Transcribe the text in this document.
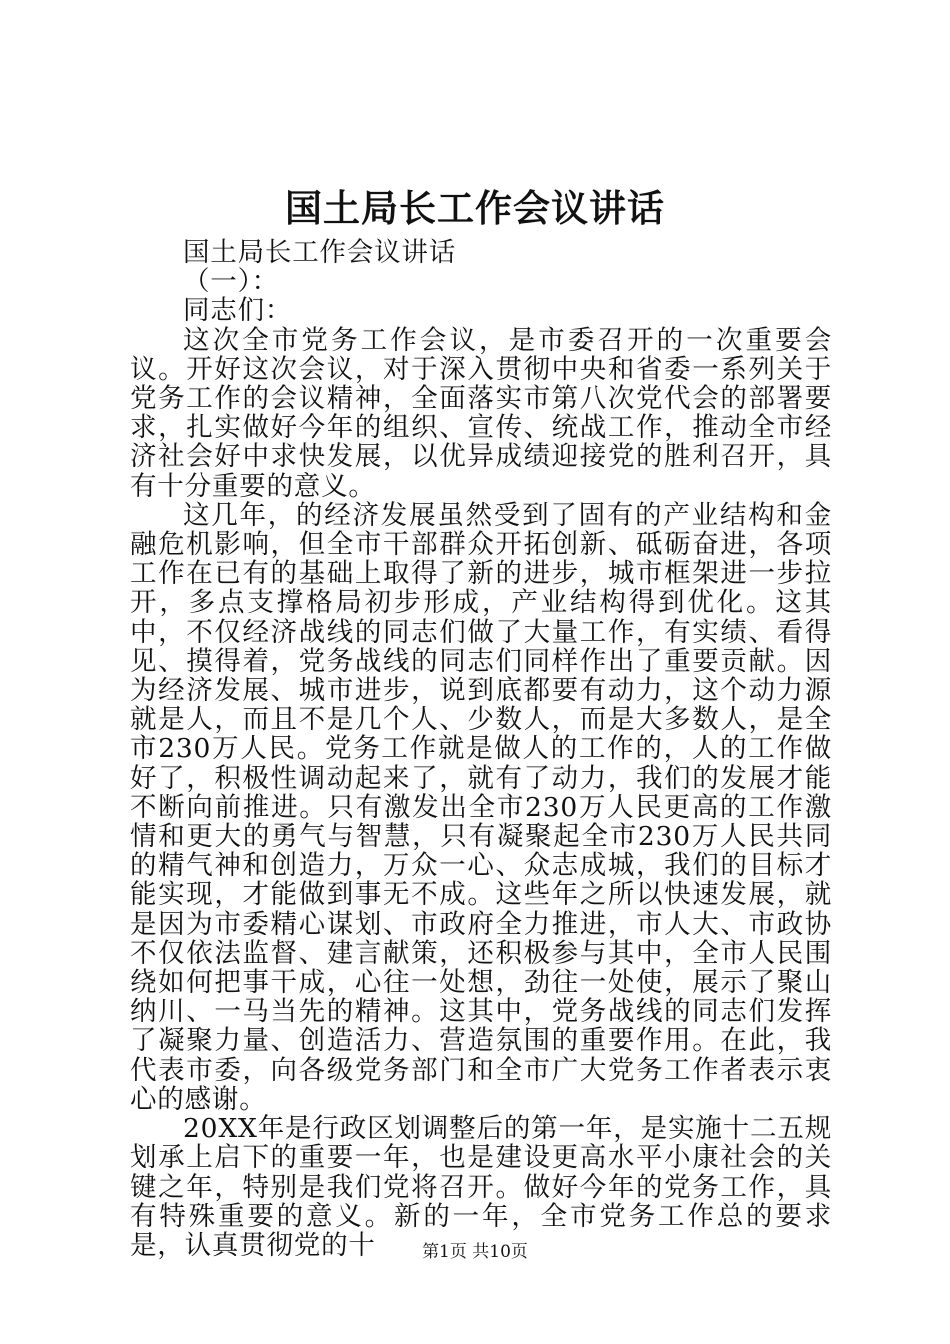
国土局长工作会议讲话

国土局长工作会议讲话

（一）：

同志们：

这次全市党务工作会议，是市委召开的一次重要会议。开好这次会议，对于深入贯彻中央和省委一系列关于党务工作的会议精神，全面落实市第八次党代会的部署要求，扎实做好今年的组织、宣传、统战工作，推动全市经济社会好中求快发展，以优异成绩迎接党的胜利召开，具有十分重要的意义。

这几年，的经济发展虽然受到了固有的产业结构和金融危机影响，但全市干部群众开拓创新、砥砺奋进，各项工作在已有的基础上取得了新的进步，城市框架进一步拉开，多点支撑格局初步形成，产业结构得到优化。这其中，不仅经济战线的同志们做了大量工作，有实绩、看得见、摸得着，党务战线的同志们同样作出了重要贡献。因为经济发展、城市进步，说到底都要有动力，这个动力源就是人，而且不是几个人、少数人，而是大多数人，是全市230万人民。党务工作就是做人的工作的，人的工作做好了，积极性调动起来了，就有了动力，我们的发展才能不断向前推进。只有激发出全市230万人民更高的工作激情和更大的勇气与智慧，只有凝聚起全市230万人民共同的精气神和创造力，万众一心、众志成城，我们的目标才能实现，才能做到事无不成。这些年之所以快速发展，就是因为市委精心谋划、市政府全力推进，市人大、市政协不仅依法监督、建言献策，还积极参与其中，全市人民围绕如何把事干成，心往一处想，劲往一处使，展示了聚山纳川、一马当先的精神。这其中，党务战线的同志们发挥了凝聚力量、创造活力、营造氛围的重要作用。在此，我代表市委，向各级党务部门和全市广大党务工作者表示衷心的感谢。

20XX年是行政区划调整后的第一年，是实施十二五规划承上启下的重要一年，也是建设更高水平小康社会的关键之年，特别是我们党将召开。做好今年的党务工作，具有特殊重要的意义。新的一年，全市党务工作总的要求是，认真贯彻党的十	第1页 共10页
